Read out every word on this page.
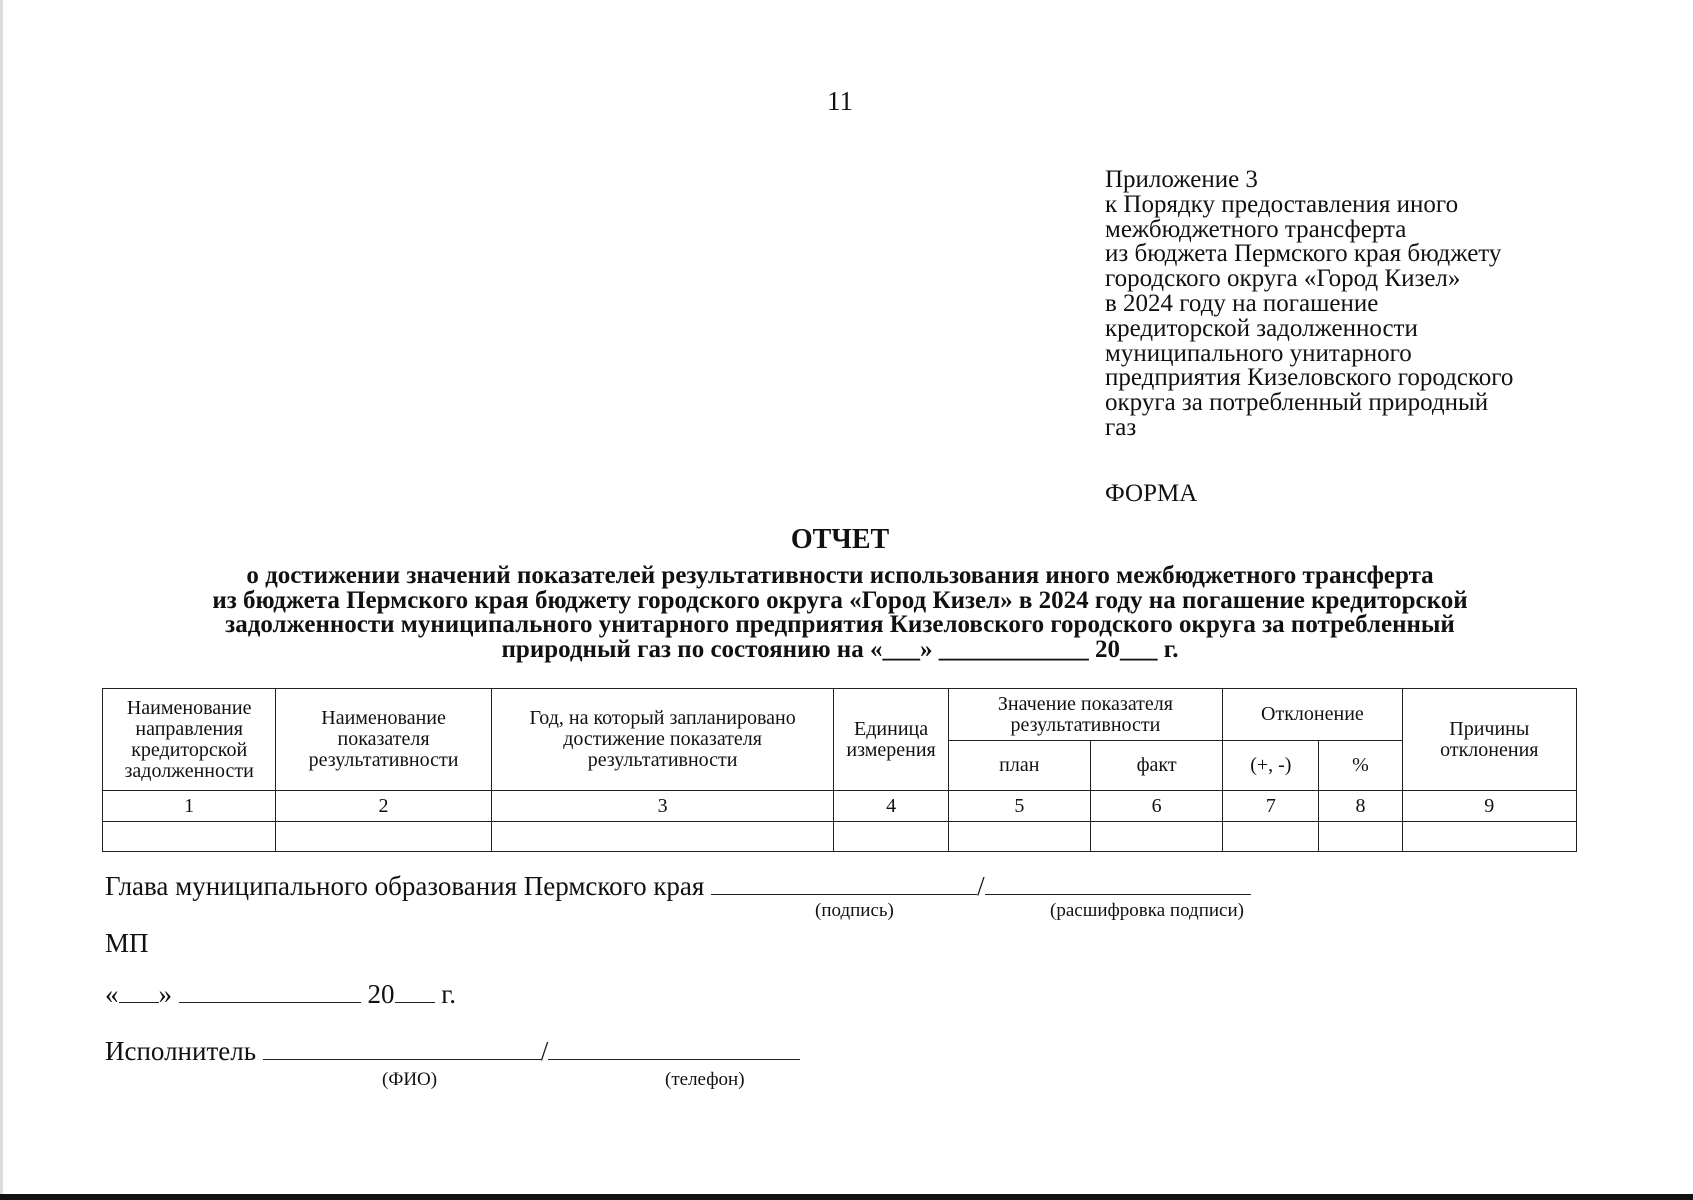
11
Приложение 3
к Порядку предоставления иного
межбюджетного трансферта
из бюджета Пермского края бюджету
городского округа «Город Кизел»
в 2024 году на погашение
кредиторской задолженности
муниципального унитарного
предприятия Кизеловского городского
округа за потребленный природный
газ
ФОРМА
ОТЧЕТ
о достижении значений показателей результативности использования иного межбюджетного трансферта
из бюджета Пермского края бюджету городского округа «Город Кизел» в 2024 году на погашение кредиторской
задолженности муниципального унитарного предприятия Кизеловского городского округа за потребленный
природный газ по состоянию на «___» ____________ 20___ г.
Наименование направления кредиторской задолженности	Наименование показателя результативности	Год, на который запланировано достижение показателя результативности	Единица измерения	Значение показателя результативности		Отклонение		Причины отклонения
				план	факт	(+, -)	%	
1	2	3	4	5	6	7	8	9

Глава муниципального образования Пермского края	/
(подпись)	(расшифровка подписи)
МП
« »	20 г.
Исполнитель	/
(ФИО)	(телефон)
